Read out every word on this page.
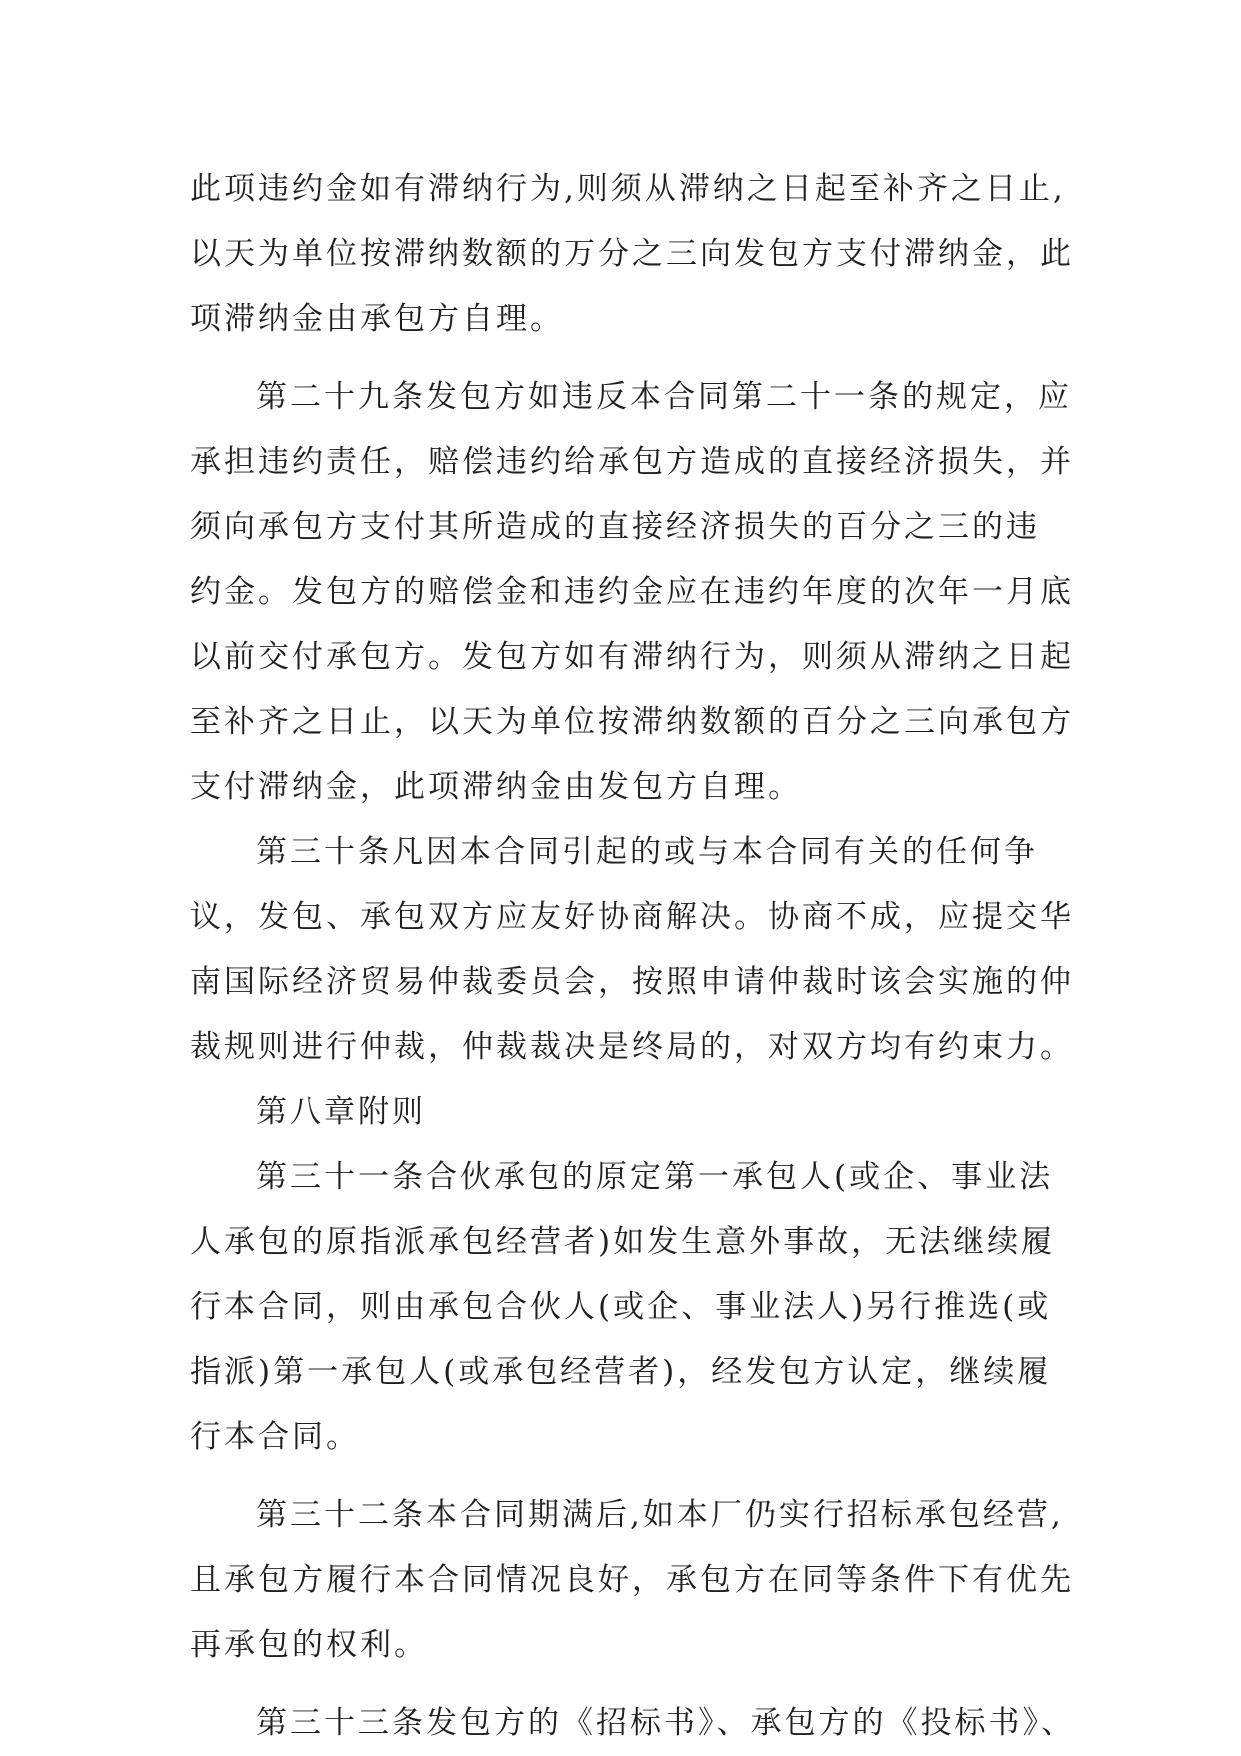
此项违约金如有滞纳行为,则须从滞纳之日起至补齐之日止,
以天为单位按滞纳数额的万分之三向发包方支付滞纳金，此
项滞纳金由承包方自理。
第二十九条发包方如违反本合同第二十一条的规定，应
承担违约责任，赔偿违约给承包方造成的直接经济损失，并
须向承包方支付其所造成的直接经济损失的百分之三的违
约金。发包方的赔偿金和违约金应在违约年度的次年一月底
以前交付承包方。发包方如有滞纳行为，则须从滞纳之日起
至补齐之日止，以天为单位按滞纳数额的百分之三向承包方
支付滞纳金，此项滞纳金由发包方自理。
第三十条凡因本合同引起的或与本合同有关的任何争
议，发包、承包双方应友好协商解决。协商不成，应提交华
南国际经济贸易仲裁委员会，按照申请仲裁时该会实施的仲
裁规则进行仲裁，仲裁裁决是终局的，对双方均有约束力。
第八章附则
第三十一条合伙承包的原定第一承包人(或企、事业法
人承包的原指派承包经营者)如发生意外事故，无法继续履
行本合同，则由承包合伙人(或企、事业法人)另行推选(或
指派)第一承包人(或承包经营者)，经发包方认定，继续履
行本合同。
第三十二条本合同期满后,如本厂仍实行招标承包经营,
且承包方履行本合同情况良好，承包方在同等条件下有优先
再承包的权利。
第三十三条发包方的《招标书》、承包方的《投标书》、
